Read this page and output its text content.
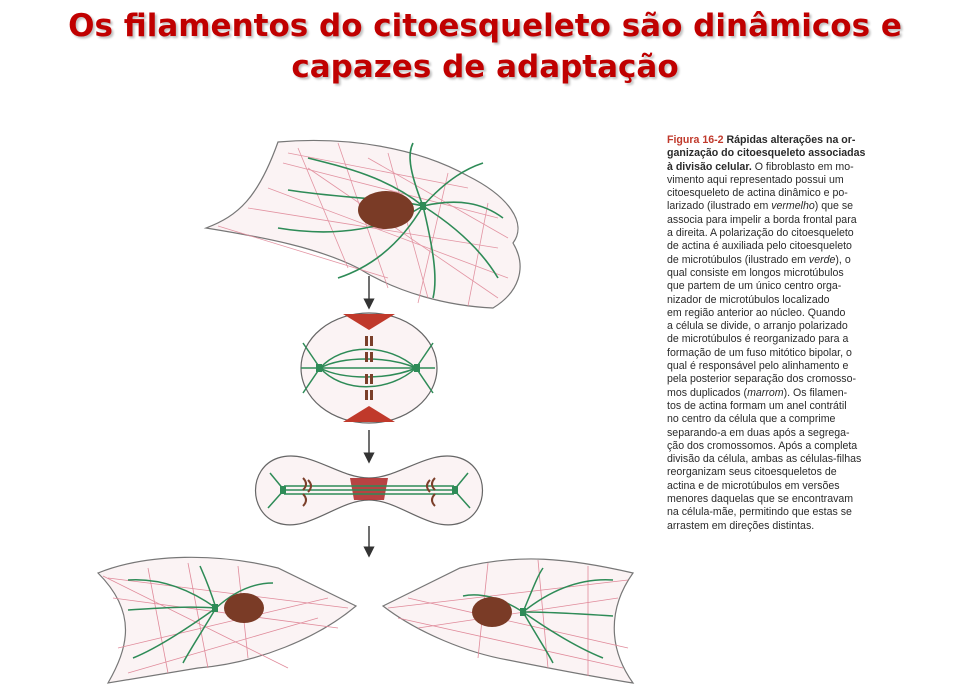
Os filamentos do citoesqueleto são dinâmicos e
capazes de adaptação
Figura 16-2 Rápidas alterações na or-
ganização do citoesqueleto associadas
à divisão celular. O fibroblasto em mo-
vimento aqui representado possui um
citoesqueleto de actina dinâmico e po-
larizado (ilustrado em vermelho) que se
associa para impelir a borda frontal para
a direita. A polarização do citoesqueleto
de actina é auxiliada pelo citoesqueleto
de microtúbulos (ilustrado em verde), o
qual consiste em longos microtúbulos
que partem de um único centro orga-
nizador de microtúbulos localizado
em região anterior ao núcleo. Quando
a célula se divide, o arranjo polarizado
de microtúbulos é reorganizado para a
formação de um fuso mitótico bipolar, o
qual é responsável pelo alinhamento e
pela posterior separação dos cromosso-
mos duplicados (marrom). Os filamen-
tos de actina formam um anel contrátil
no centro da célula que a comprime
separando-a em duas após a segrega-
ção dos cromossomos. Após a completa
divisão da célula, ambas as células-filhas
reorganizam seus citoesqueletos de
actina e de microtúbulos em versões
menores daquelas que se encontravam
na célula-mãe, permitindo que estas se
arrastem em direções distintas.
